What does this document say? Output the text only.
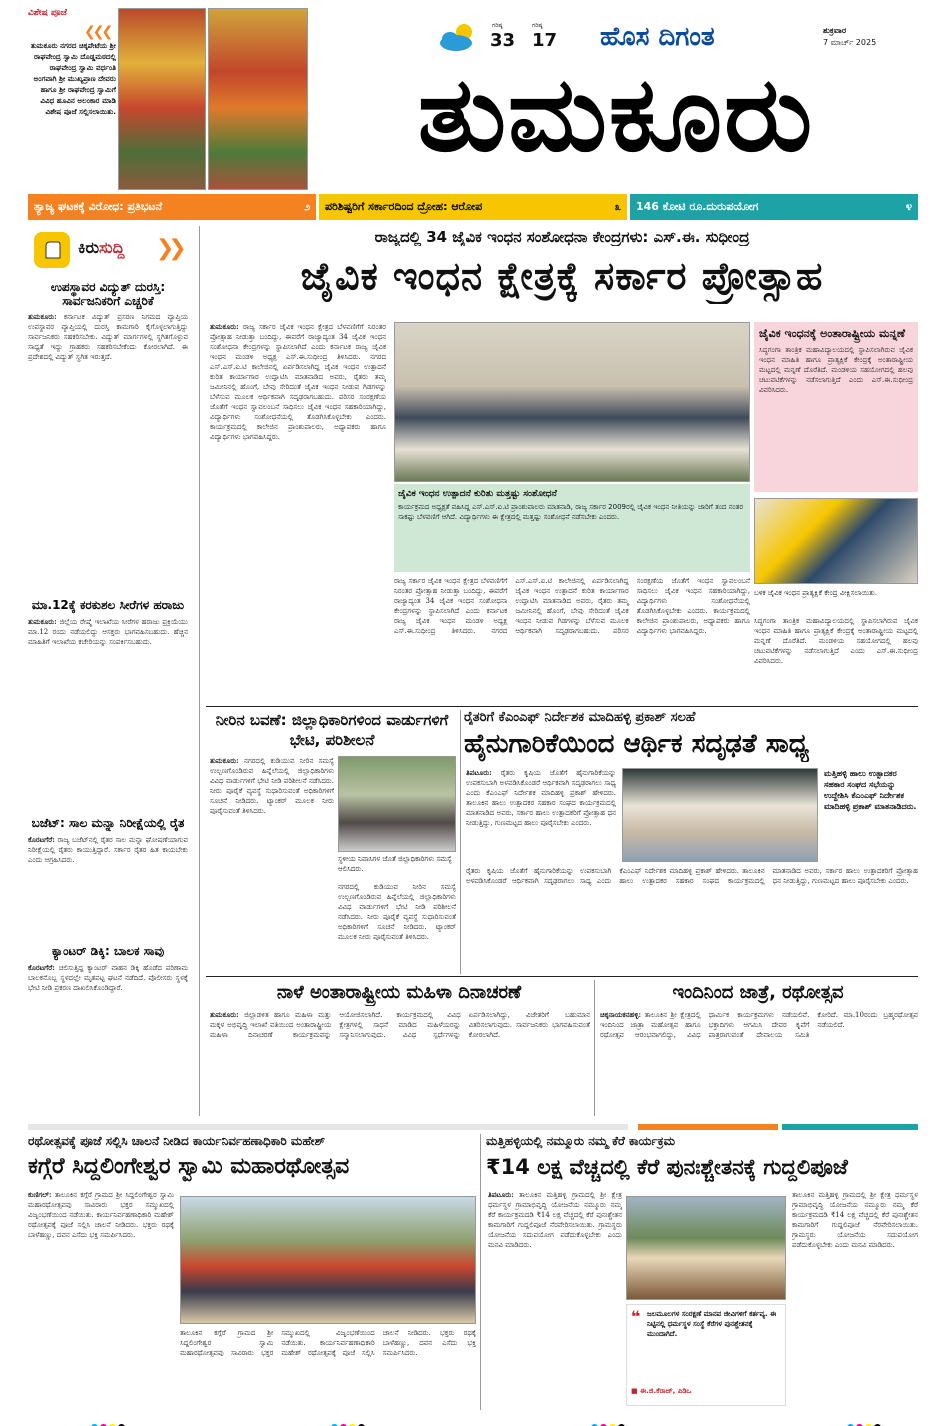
ವಿಶೇಷ ಪೂಜೆ
❮❮❮
ತುಮಕೂರು ನಗರದ ಚಿಕ್ಕಪೇಟೆಯ ಶ್ರೀ ರಾಘವೇಂದ್ರ ಸ್ವಾಮಿ ದೊಡ್ಡಮಠದಲ್ಲಿ ರಾಘವೇಂದ್ರ ಸ್ವಾಮಿ ವರ್ಧಂತಿ ಅಂಗವಾಗಿ ಶ್ರೀ ಮುಖ್ಯಪ್ರಾಣ ದೇವರು ಹಾಗೂ ಶ್ರೀ ರಾಘವೇಂದ್ರ ಸ್ವಾಮಿಗೆ ವಿವಿಧ ಹೂವಿನ ಅಲಂಕಾರ ಮಾಡಿ ವಿಶೇಷ ಪೂಜೆ ಸಲ್ಲಿಸಲಾಯಿತು.
ಗರಿಷ್ಠ
33
ಗರಿಷ್ಠ
17 ಹೊಸ ದಿಗಂತ	ಶುಕ್ರವಾರ
7 ಮಾರ್ಚ್ 2025
ತುಮಕೂರು
ತ್ಯಾಜ್ಯ ಘಟಕಕ್ಕೆ ವಿರೋಧ: ಪ್ರತಿಭಟನೆ	೨	ಪರಿಶಿಷ್ಟರಿಗೆ ಸರ್ಕಾರದಿಂದ ದ್ರೋಹ: ಆರೋಪ	೩	146 ಕೋಟಿ ರೂ.ದುರುಪಯೋಗ	೪
ಕಿರುಸುದ್ದಿ ❯❯
ಉಪಸ್ಥಾವರ ವಿದ್ಯುತ್ ದುರಸ್ತಿ: ಸಾರ್ವಜನಿಕರಿಗೆ ಎಚ್ಚರಿಕೆ
ತುಮಕೂರು: ಕರ್ನಾಟಕ ವಿದ್ಯುತ್ ಪ್ರಸರಣ ನಿಗಮದ ವ್ಯಾಪ್ತಿಯ ಉಪಸ್ಥಾವರ ವ್ಯಾಪ್ತಿಯಲ್ಲಿ ದುರಸ್ತಿ ಕಾಮಗಾರಿ ಕೈಗೊಳ್ಳಲಾಗುತ್ತಿದ್ದು ಸಾರ್ವಜನಿಕರು ಸಹಕರಿಸಬೇಕು. ವಿದ್ಯುತ್ ಮಾರ್ಗಗಳಲ್ಲಿ ಸ್ಥಗಿತಗೊಳ್ಳುವ ಸಾಧ್ಯತೆ ಇದ್ದು ಗ್ರಾಹಕರು ಸಹಕರಿಸಬೇಕೆಂದು ಕೋರಲಾಗಿದೆ. ಈ ಪ್ರದೇಶದಲ್ಲಿ ವಿದ್ಯುತ್ ಸ್ಥಗಿತ ಇರುತ್ತದೆ.
ಮಾ.12ಕ್ಕೆ ಕರಕುಶಲ ಸೀರೆಗಳ ಹರಾಜು
ತುಮಕೂರು: ಜಿಲ್ಲೆಯ ರೇಷ್ಮೆ ಇಲಾಖೆಯ ಸೀರೆಗಳ ಹರಾಜು ಪ್ರಕ್ರಿಯೆಯು ಮಾ.12 ರಂದು ನಡೆಯಲಿದ್ದು ಆಸಕ್ತರು ಭಾಗವಹಿಸಬಹುದು. ಹೆಚ್ಚಿನ ಮಾಹಿತಿಗೆ ಇಲಾಖೆಯ ಕಚೇರಿಯನ್ನು ಸಂಪರ್ಕಿಸಬಹುದು.
ಬಜೆಟ್: ಸಾಲ ಮನ್ನಾ ನಿರೀಕ್ಷೆಯಲ್ಲಿ ರೈತ
ಕೊರಟಗೆರೆ: ರಾಜ್ಯ ಬಜೆಟ್‌ನಲ್ಲಿ ರೈತರ ಸಾಲ ಮನ್ನಾ ಘೋಷಣೆಯಾಗುವ ನಿರೀಕ್ಷೆಯಲ್ಲಿ ರೈತರು ಕಾಯುತ್ತಿದ್ದಾರೆ. ಸರ್ಕಾರ ರೈತರ ಹಿತ ಕಾಯಬೇಕು ಎಂದು ಆಗ್ರಹಿಸಿದರು.
ಕ್ಯಾಂಟರ್ ಡಿಕ್ಕಿ: ಬಾಲಕ ಸಾವು
ಕೊರಟಗೆರೆ: ಚಲಿಸುತ್ತಿದ್ದ ಕ್ಯಾಂಟರ್ ವಾಹನ ಡಿಕ್ಕಿ ಹೊಡೆದ ಪರಿಣಾಮ ಬಾಲಕನೊಬ್ಬ ಸ್ಥಳದಲ್ಲೇ ಮೃತಪಟ್ಟ ಘಟನೆ ನಡೆದಿದೆ. ಪೊಲೀಸರು ಸ್ಥಳಕ್ಕೆ ಭೇಟಿ ನೀಡಿ ಪ್ರಕರಣ ದಾಖಲಿಸಿಕೊಂಡಿದ್ದಾರೆ.
ರಾಜ್ಯದಲ್ಲಿ 34 ಜೈವಿಕ ಇಂಧನ ಸಂಶೋಧನಾ ಕೇಂದ್ರಗಳು: ಎಸ್.ಈ. ಸುಧೀಂದ್ರ
ಜೈವಿಕ ಇಂಧನ ಕ್ಷೇತ್ರಕ್ಕೆ ಸರ್ಕಾರ ಪ್ರೋತ್ಸಾಹ
ತುಮಕೂರು: ರಾಜ್ಯ ಸರ್ಕಾರ ಜೈವಿಕ ಇಂಧನ ಕ್ಷೇತ್ರದ ಬೆಳವಣಿಗೆಗೆ ನಿರಂತರ ಪ್ರೋತ್ಸಾಹ ನೀಡುತ್ತಾ ಬಂದಿದ್ದು, ಈವರೆಗೆ ರಾಜ್ಯಾದ್ಯಂತ 34 ಜೈವಿಕ ಇಂಧನ ಸಂಶೋಧನಾ ಕೇಂದ್ರಗಳನ್ನು ಸ್ಥಾಪಿಸಲಾಗಿದೆ ಎಂದು ಕರ್ನಾಟಕ ರಾಜ್ಯ ಜೈವಿಕ ಇಂಧನ ಮಂಡಳಿ ಅಧ್ಯಕ್ಷ ಎಸ್.ಈ.ಸುಧೀಂದ್ರ ತಿಳಿಸಿದರು. ನಗರದ ಎಸ್.ಎಸ್.ಐ.ಟಿ ಕಾಲೇಜಿನಲ್ಲಿ ಏರ್ಪಡಿಸಲಾಗಿದ್ದ ಜೈವಿಕ ಇಂಧನ ಉತ್ಪಾದನೆ ಕುರಿತ ಕಾರ್ಯಾಗಾರ ಉದ್ಘಾಟಿಸಿ ಮಾತನಾಡಿದ ಅವರು, ರೈತರು ತಮ್ಮ ಜಮೀನಿನಲ್ಲಿ ಹೊಂಗೆ, ಬೇವು ಸೇರಿದಂತೆ ಜೈವಿಕ ಇಂಧನ ನೀಡುವ ಗಿಡಗಳನ್ನು ಬೆಳೆಸುವ ಮೂಲಕ ಆರ್ಥಿಕವಾಗಿ ಸದೃಢರಾಗಬಹುದು. ಪರಿಸರ ಸಂರಕ್ಷಣೆಯ ಜೊತೆಗೆ ಇಂಧನ ಸ್ವಾವಲಂಬನೆ ಸಾಧಿಸಲು ಜೈವಿಕ ಇಂಧನ ಸಹಕಾರಿಯಾಗಿದ್ದು, ವಿದ್ಯಾರ್ಥಿಗಳು ಸಂಶೋಧನೆಯಲ್ಲಿ ತೊಡಗಿಸಿಕೊಳ್ಳಬೇಕು ಎಂದರು. ಕಾರ್ಯಕ್ರಮದಲ್ಲಿ ಕಾಲೇಜಿನ ಪ್ರಾಂಶುಪಾಲರು, ಅಧ್ಯಾಪಕರು ಹಾಗೂ ವಿದ್ಯಾರ್ಥಿಗಳು ಭಾಗವಹಿಸಿದ್ದರು.
ಜೈವಿಕ ಇಂಧನ ಉತ್ಪಾದನೆ ಕುರಿತು ಮತ್ತಷ್ಟು ಸಂಶೋಧನೆ
ಕಾರ್ಯಕ್ರಮದ ಅಧ್ಯಕ್ಷತೆ ವಹಿಸಿದ್ದ ಎಸ್.ಎಸ್.ಐ.ಟಿ ಪ್ರಾಂಶುಪಾಲರು ಮಾತನಾಡಿ, ರಾಜ್ಯ ಸರ್ಕಾರ 2009ರಲ್ಲಿ ಜೈವಿಕ ಇಂಧನ ನೀತಿಯನ್ನು ಜಾರಿಗೆ ತಂದ ನಂತರ ಸಾಕಷ್ಟು ಬೆಳವಣಿಗೆ ಆಗಿದೆ. ವಿದ್ಯಾರ್ಥಿಗಳು ಈ ಕ್ಷೇತ್ರದಲ್ಲಿ ಮತ್ತಷ್ಟು ಸಂಶೋಧನೆ ನಡೆಸಬೇಕು ಎಂದರು.
ಜೈವಿಕ ಇಂಧನಕ್ಕೆ ಅಂತಾರಾಷ್ಟ್ರೀಯ ಮನ್ನಣೆ
ಸಿದ್ಧಗಂಗಾ ತಾಂತ್ರಿಕ ಮಹಾವಿದ್ಯಾಲಯದಲ್ಲಿ ಸ್ಥಾಪಿಸಲಾಗಿರುವ ಜೈವಿಕ ಇಂಧನ ಮಾಹಿತಿ ಹಾಗೂ ಪ್ರಾತ್ಯಕ್ಷಿಕೆ ಕೇಂದ್ರಕ್ಕೆ ಅಂತಾರಾಷ್ಟ್ರೀಯ ಮಟ್ಟದಲ್ಲಿ ಮನ್ನಣೆ ದೊರೆತಿದೆ. ಮಂಡಳಿಯ ಸಹಯೋಗದಲ್ಲಿ ಹಲವು ಚಟುವಟಿಕೆಗಳನ್ನು ನಡೆಸಲಾಗುತ್ತಿದೆ ಎಂದು ಎಸ್.ಈ.ಸುಧೀಂದ್ರ ವಿವರಿಸಿದರು.
ಬಳಿಕ ಜೈವಿಕ ಇಂಧನ ಪ್ರಾತ್ಯಕ್ಷಿಕೆ ಕೇಂದ್ರ ವೀಕ್ಷಿಸಲಾಯಿತು.
ರಾಜ್ಯ ಸರ್ಕಾರ ಜೈವಿಕ ಇಂಧನ ಕ್ಷೇತ್ರದ ಬೆಳವಣಿಗೆಗೆ ನಿರಂತರ ಪ್ರೋತ್ಸಾಹ ನೀಡುತ್ತಾ ಬಂದಿದ್ದು, ಈವರೆಗೆ ರಾಜ್ಯಾದ್ಯಂತ 34 ಜೈವಿಕ ಇಂಧನ ಸಂಶೋಧನಾ ಕೇಂದ್ರಗಳನ್ನು ಸ್ಥಾಪಿಸಲಾಗಿದೆ ಎಂದು ಕರ್ನಾಟಕ ರಾಜ್ಯ ಜೈವಿಕ ಇಂಧನ ಮಂಡಳಿ ಅಧ್ಯಕ್ಷ ಎಸ್.ಈ.ಸುಧೀಂದ್ರ ತಿಳಿಸಿದರು. ನಗರದ ಎಸ್.ಎಸ್.ಐ.ಟಿ ಕಾಲೇಜಿನಲ್ಲಿ ಏರ್ಪಡಿಸಲಾಗಿದ್ದ ಜೈವಿಕ ಇಂಧನ ಉತ್ಪಾದನೆ ಕುರಿತ ಕಾರ್ಯಾಗಾರ ಉದ್ಘಾಟಿಸಿ ಮಾತನಾಡಿದ ಅವರು, ರೈತರು ತಮ್ಮ ಜಮೀನಿನಲ್ಲಿ ಹೊಂಗೆ, ಬೇವು ಸೇರಿದಂತೆ ಜೈವಿಕ ಇಂಧನ ನೀಡುವ ಗಿಡಗಳನ್ನು ಬೆಳೆಸುವ ಮೂಲಕ ಆರ್ಥಿಕವಾಗಿ ಸದೃಢರಾಗಬಹುದು. ಪರಿಸರ ಸಂರಕ್ಷಣೆಯ ಜೊತೆಗೆ ಇಂಧನ ಸ್ವಾವಲಂಬನೆ ಸಾಧಿಸಲು ಜೈವಿಕ ಇಂಧನ ಸಹಕಾರಿಯಾಗಿದ್ದು, ವಿದ್ಯಾರ್ಥಿಗಳು ಸಂಶೋಧನೆಯಲ್ಲಿ ತೊಡಗಿಸಿಕೊಳ್ಳಬೇಕು ಎಂದರು. ಕಾರ್ಯಕ್ರಮದಲ್ಲಿ ಕಾಲೇಜಿನ ಪ್ರಾಂಶುಪಾಲರು, ಅಧ್ಯಾಪಕರು ಹಾಗೂ ವಿದ್ಯಾರ್ಥಿಗಳು ಭಾಗವಹಿಸಿದ್ದರು.
ಸಿದ್ಧಗಂಗಾ ತಾಂತ್ರಿಕ ಮಹಾವಿದ್ಯಾಲಯದಲ್ಲಿ ಸ್ಥಾಪಿಸಲಾಗಿರುವ ಜೈವಿಕ ಇಂಧನ ಮಾಹಿತಿ ಹಾಗೂ ಪ್ರಾತ್ಯಕ್ಷಿಕೆ ಕೇಂದ್ರಕ್ಕೆ ಅಂತಾರಾಷ್ಟ್ರೀಯ ಮಟ್ಟದಲ್ಲಿ ಮನ್ನಣೆ ದೊರೆತಿದೆ. ಮಂಡಳಿಯ ಸಹಯೋಗದಲ್ಲಿ ಹಲವು ಚಟುವಟಿಕೆಗಳನ್ನು ನಡೆಸಲಾಗುತ್ತಿದೆ ಎಂದು ಎಸ್.ಈ.ಸುಧೀಂದ್ರ ವಿವರಿಸಿದರು.
ನೀರಿನ ಬವಣೆ: ಜಿಲ್ಲಾಧಿಕಾರಿಗಳಿಂದ ವಾರ್ಡುಗಳಿಗೆ ಭೇಟಿ, ಪರಿಶೀಲನೆ
ತುಮಕೂರು: ನಗರದಲ್ಲಿ ಕುಡಿಯುವ ನೀರಿನ ಸಮಸ್ಯೆ ಉಲ್ಬಣಗೊಂಡಿರುವ ಹಿನ್ನೆಲೆಯಲ್ಲಿ ಜಿಲ್ಲಾಧಿಕಾರಿಗಳು ವಿವಿಧ ವಾರ್ಡುಗಳಿಗೆ ಭೇಟಿ ನೀಡಿ ಪರಿಶೀಲನೆ ನಡೆಸಿದರು. ನೀರು ಪೂರೈಕೆ ವ್ಯವಸ್ಥೆ ಸುಧಾರಿಸುವಂತೆ ಅಧಿಕಾರಿಗಳಿಗೆ ಸೂಚನೆ ನೀಡಿದರು. ಟ್ಯಾಂಕರ್ ಮೂಲಕ ನೀರು ಪೂರೈಸುವಂತೆ ತಿಳಿಸಿದರು.
ಸ್ಥಳೀಯ ನಿವಾಸಿಗಳ ಜೊತೆ ಜಿಲ್ಲಾಧಿಕಾರಿಗಳು ಸಮಸ್ಯೆ ಆಲಿಸಿದರು.
ನಗರದಲ್ಲಿ ಕುಡಿಯುವ ನೀರಿನ ಸಮಸ್ಯೆ ಉಲ್ಬಣಗೊಂಡಿರುವ ಹಿನ್ನೆಲೆಯಲ್ಲಿ ಜಿಲ್ಲಾಧಿಕಾರಿಗಳು ವಿವಿಧ ವಾರ್ಡುಗಳಿಗೆ ಭೇಟಿ ನೀಡಿ ಪರಿಶೀಲನೆ ನಡೆಸಿದರು. ನೀರು ಪೂರೈಕೆ ವ್ಯವಸ್ಥೆ ಸುಧಾರಿಸುವಂತೆ ಅಧಿಕಾರಿಗಳಿಗೆ ಸೂಚನೆ ನೀಡಿದರು. ಟ್ಯಾಂಕರ್ ಮೂಲಕ ನೀರು ಪೂರೈಸುವಂತೆ ತಿಳಿಸಿದರು.
ರೈತರಿಗೆ ಕೆಎಂಎಫ್ ನಿರ್ದೇಶಕ ಮಾದಿಹಳ್ಳಿ ಪ್ರಕಾಶ್ ಸಲಹೆ
ಹೈನುಗಾರಿಕೆಯಿಂದ ಆರ್ಥಿಕ ಸದೃಢತೆ ಸಾಧ್ಯ
ತಿಪಟೂರು: ರೈತರು ಕೃಷಿಯ ಜೊತೆಗೆ ಹೈನುಗಾರಿಕೆಯನ್ನು ಉಪಕಸುಬಾಗಿ ಅಳವಡಿಸಿಕೊಂಡರೆ ಆರ್ಥಿಕವಾಗಿ ಸದೃಢರಾಗಲು ಸಾಧ್ಯ ಎಂದು ಕೆಎಂಎಫ್ ನಿರ್ದೇಶಕ ಮಾದಿಹಳ್ಳಿ ಪ್ರಕಾಶ್ ಹೇಳಿದರು. ತಾಲೂಕಿನ ಹಾಲು ಉತ್ಪಾದಕರ ಸಹಕಾರ ಸಂಘದ ಕಾರ್ಯಕ್ರಮದಲ್ಲಿ ಮಾತನಾಡಿದ ಅವರು, ಸರ್ಕಾರ ಹಾಲು ಉತ್ಪಾದಕರಿಗೆ ಪ್ರೋತ್ಸಾಹ ಧನ ನೀಡುತ್ತಿದ್ದು, ಗುಣಮಟ್ಟದ ಹಾಲು ಪೂರೈಸಬೇಕು ಎಂದರು.
ಮತ್ತಿಹಳ್ಳಿ ಹಾಲು ಉತ್ಪಾದಕರ ಸಹಕಾರ ಸಂಘದ ಸಭೆಯನ್ನು ಉದ್ದೇಶಿಸಿ ಕೆಎಂಎಫ್ ನಿರ್ದೇಶಕ ಮಾದಿಹಳ್ಳಿ ಪ್ರಕಾಶ್ ಮಾತನಾಡಿದರು.
ರೈತರು ಕೃಷಿಯ ಜೊತೆಗೆ ಹೈನುಗಾರಿಕೆಯನ್ನು ಉಪಕಸುಬಾಗಿ ಅಳವಡಿಸಿಕೊಂಡರೆ ಆರ್ಥಿಕವಾಗಿ ಸದೃಢರಾಗಲು ಸಾಧ್ಯ ಎಂದು ಕೆಎಂಎಫ್ ನಿರ್ದೇಶಕ ಮಾದಿಹಳ್ಳಿ ಪ್ರಕಾಶ್ ಹೇಳಿದರು. ತಾಲೂಕಿನ ಹಾಲು ಉತ್ಪಾದಕರ ಸಹಕಾರ ಸಂಘದ ಕಾರ್ಯಕ್ರಮದಲ್ಲಿ ಮಾತನಾಡಿದ ಅವರು, ಸರ್ಕಾರ ಹಾಲು ಉತ್ಪಾದಕರಿಗೆ ಪ್ರೋತ್ಸಾಹ ಧನ ನೀಡುತ್ತಿದ್ದು, ಗುಣಮಟ್ಟದ ಹಾಲು ಪೂರೈಸಬೇಕು ಎಂದರು.
ನಾಳೆ ಅಂತಾರಾಷ್ಟ್ರೀಯ ಮಹಿಳಾ ದಿನಾಚರಣೆ
ತುಮಕೂರು: ಜಿಲ್ಲಾಡಳಿತ ಹಾಗೂ ಮಹಿಳಾ ಮತ್ತು ಮಕ್ಕಳ ಅಭಿವೃದ್ಧಿ ಇಲಾಖೆ ವತಿಯಿಂದ ಅಂತಾರಾಷ್ಟ್ರೀಯ ಮಹಿಳಾ ದಿನಾಚರಣೆ ಕಾರ್ಯಕ್ರಮವನ್ನು ಆಯೋಜಿಸಲಾಗಿದೆ. ಕಾರ್ಯಕ್ರಮದಲ್ಲಿ ವಿವಿಧ ಕ್ಷೇತ್ರಗಳಲ್ಲಿ ಸಾಧನೆ ಮಾಡಿದ ಮಹಿಳೆಯರನ್ನು ಸನ್ಮಾನಿಸಲಾಗುವುದು. ವಿವಿಧ ಸ್ಪರ್ಧೆಗಳನ್ನು ಏರ್ಪಡಿಸಲಾಗಿದ್ದು, ವಿಜೇತರಿಗೆ ಬಹುಮಾನ ವಿತರಿಸಲಾಗುವುದು. ಸಾರ್ವಜನಿಕರು ಭಾಗವಹಿಸುವಂತೆ ಕೋರಲಾಗಿದೆ.
ಇಂದಿನಿಂದ ಜಾತ್ರೆ, ರಥೋತ್ಸವ
ಚಿಕ್ಕನಾಯಕನಹಳ್ಳಿ: ತಾಲೂಕಿನ ಶ್ರೀ ಕ್ಷೇತ್ರದಲ್ಲಿ ಇಂದಿನಿಂದ ಜಾತ್ರಾ ಮಹೋತ್ಸವ ಹಾಗೂ ರಥೋತ್ಸವ ಆರಂಭವಾಗಲಿದ್ದು, ವಿವಿಧ ಧಾರ್ಮಿಕ ಕಾರ್ಯಕ್ರಮಗಳು ನಡೆಯಲಿವೆ. ಭಕ್ತಾದಿಗಳು ಆಗಮಿಸಿ ದೇವರ ಕೃಪೆಗೆ ಪಾತ್ರರಾಗುವಂತೆ ದೇವಾಲಯ ಸಮಿತಿ ಕೋರಿದೆ. ಮಾ.10ರಂದು ಬ್ರಹ್ಮರಥೋತ್ಸವ ನಡೆಯಲಿದೆ.
ರಥೋತ್ಸವಕ್ಕೆ ಪೂಜೆ ಸಲ್ಲಿಸಿ ಚಾಲನೆ ನೀಡಿದ ಕಾರ್ಯನಿರ್ವಹಣಾಧಿಕಾರಿ ಮಹೇಶ್
ಕಗ್ಗೆರೆ ಸಿದ್ದಲಿಂಗೇಶ್ವರ ಸ್ವಾಮಿ ಮಹಾರಥೋತ್ಸವ
ಕುಣಿಗಲ್: ತಾಲೂಕಿನ ಕಗ್ಗೆರೆ ಗ್ರಾಮದ ಶ್ರೀ ಸಿದ್ದಲಿಂಗೇಶ್ವರ ಸ್ವಾಮಿ ಮಹಾರಥೋತ್ಸವವು ಸಾವಿರಾರು ಭಕ್ತರ ಸಮ್ಮುಖದಲ್ಲಿ ವಿಜೃಂಭಣೆಯಿಂದ ನಡೆಯಿತು. ಕಾರ್ಯನಿರ್ವಹಣಾಧಿಕಾರಿ ಮಹೇಶ್ ರಥೋತ್ಸವಕ್ಕೆ ಪೂಜೆ ಸಲ್ಲಿಸಿ ಚಾಲನೆ ನೀಡಿದರು. ಭಕ್ತರು ರಥಕ್ಕೆ ಬಾಳೆಹಣ್ಣು, ದವನ ಎಸೆದು ಭಕ್ತಿ ಸಮರ್ಪಿಸಿದರು.
ತಾಲೂಕಿನ ಕಗ್ಗೆರೆ ಗ್ರಾಮದ ಶ್ರೀ ಸಿದ್ದಲಿಂಗೇಶ್ವರ ಸ್ವಾಮಿ ಮಹಾರಥೋತ್ಸವವು ಸಾವಿರಾರು ಭಕ್ತರ ಸಮ್ಮುಖದಲ್ಲಿ ವಿಜೃಂಭಣೆಯಿಂದ ನಡೆಯಿತು. ಕಾರ್ಯನಿರ್ವಹಣಾಧಿಕಾರಿ ಮಹೇಶ್ ರಥೋತ್ಸವಕ್ಕೆ ಪೂಜೆ ಸಲ್ಲಿಸಿ ಚಾಲನೆ ನೀಡಿದರು. ಭಕ್ತರು ರಥಕ್ಕೆ ಬಾಳೆಹಣ್ಣು, ದವನ ಎಸೆದು ಭಕ್ತಿ ಸಮರ್ಪಿಸಿದರು.
ಮತ್ತಿಹಳ್ಳಿಯಲ್ಲಿ ನಮ್ಮೂರು ನಮ್ಮ ಕೆರೆ ಕಾರ್ಯಕ್ರಮ
₹14 ಲಕ್ಷ ವೆಚ್ಚದಲ್ಲಿ ಕೆರೆ ಪುನಃಶ್ಚೇತನಕ್ಕೆ ಗುದ್ದಲಿಪೂಜೆ
ತಿಪಟೂರು: ತಾಲೂಕಿನ ಮತ್ತಿಹಳ್ಳಿ ಗ್ರಾಮದಲ್ಲಿ ಶ್ರೀ ಕ್ಷೇತ್ರ ಧರ್ಮಸ್ಥಳ ಗ್ರಾಮಾಭಿವೃದ್ಧಿ ಯೋಜನೆಯ ನಮ್ಮೂರು ನಮ್ಮ ಕೆರೆ ಕಾರ್ಯಕ್ರಮದಡಿ ₹14 ಲಕ್ಷ ವೆಚ್ಚದಲ್ಲಿ ಕೆರೆ ಪುನಃಶ್ಚೇತನ ಕಾಮಗಾರಿಗೆ ಗುದ್ದಲಿಪೂಜೆ ನೆರವೇರಿಸಲಾಯಿತು. ಗ್ರಾಮಸ್ಥರು ಯೋಜನೆಯ ಸದುಪಯೋಗ ಪಡೆದುಕೊಳ್ಳಬೇಕು ಎಂದು ಮನವಿ ಮಾಡಿದರು.
❝ ಜಲಮೂಲಗಳ ಸಂರಕ್ಷಣೆ ಮಾನವ ಜೀವಿಗಳಿಗೆ ಕರ್ತವ್ಯ. ಈ ನಿಟ್ಟಿನಲ್ಲಿ ಧರ್ಮಸ್ಥಳ ಸಂಸ್ಥೆ ಕೆರೆಗಳ ಪುನಶ್ಚೇತನಕ್ಕೆ ಮುಂದಾಗಿದೆ.
■ ಈ.ಜಿ.ಕೆರಾಜ್, ಪಿಡಿಒ
ತಾಲೂಕಿನ ಮತ್ತಿಹಳ್ಳಿ ಗ್ರಾಮದಲ್ಲಿ ಶ್ರೀ ಕ್ಷೇತ್ರ ಧರ್ಮಸ್ಥಳ ಗ್ರಾಮಾಭಿವೃದ್ಧಿ ಯೋಜನೆಯ ನಮ್ಮೂರು ನಮ್ಮ ಕೆರೆ ಕಾರ್ಯಕ್ರಮದಡಿ ₹14 ಲಕ್ಷ ವೆಚ್ಚದಲ್ಲಿ ಕೆರೆ ಪುನಃಶ್ಚೇತನ ಕಾಮಗಾರಿಗೆ ಗುದ್ದಲಿಪೂಜೆ ನೆರವೇರಿಸಲಾಯಿತು. ಗ್ರಾಮಸ್ಥರು ಯೋಜನೆಯ ಸದುಪಯೋಗ ಪಡೆದುಕೊಳ್ಳಬೇಕು ಎಂದು ಮನವಿ ಮಾಡಿದರು.
